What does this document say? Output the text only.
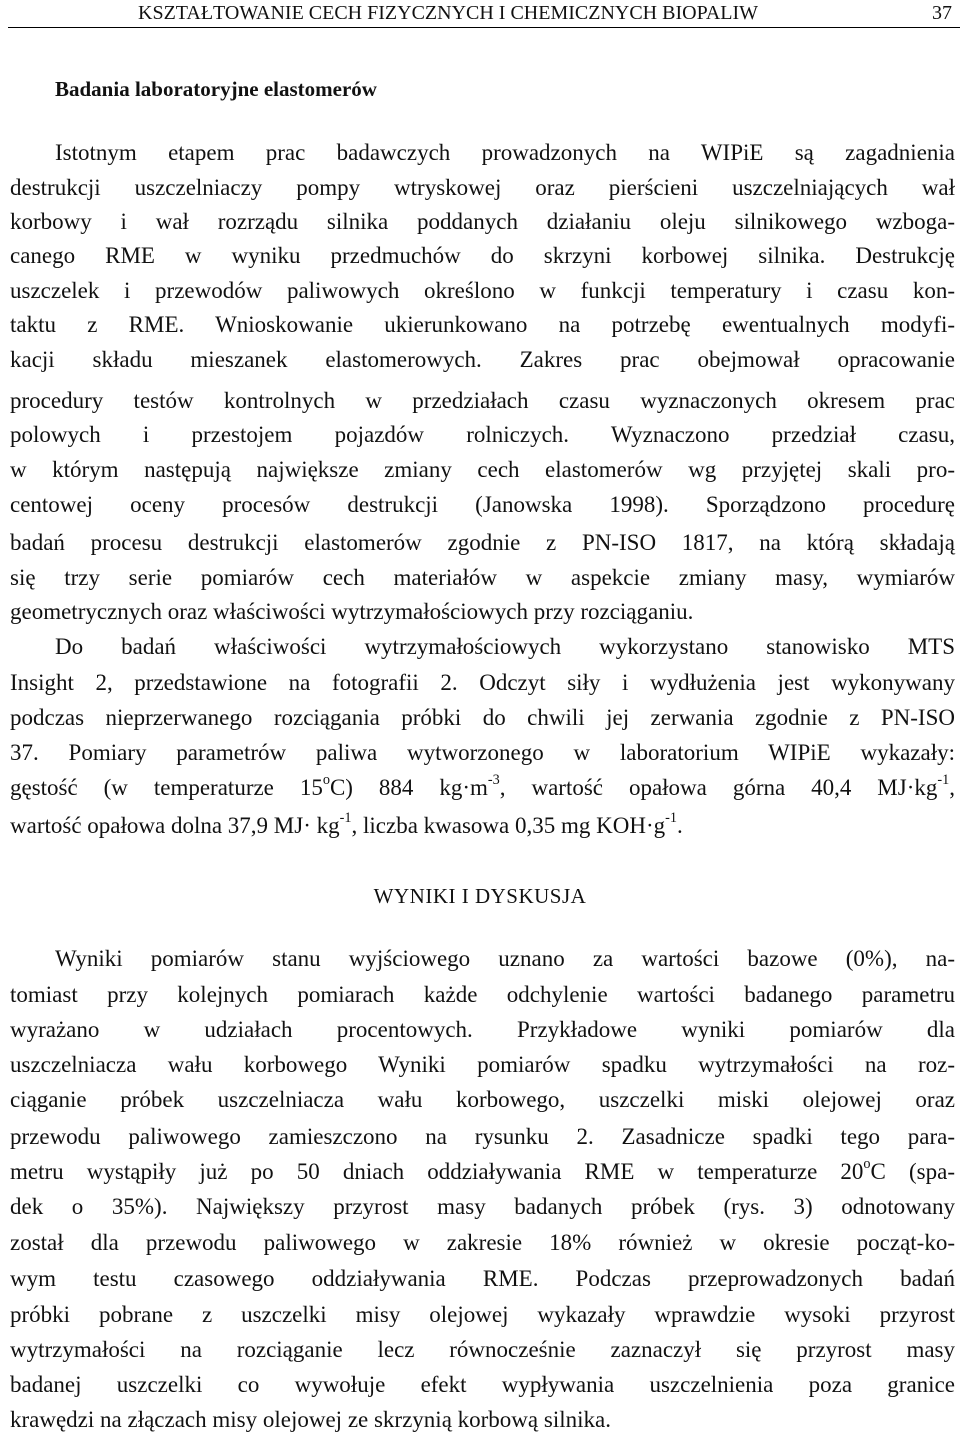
KSZTAŁTOWANIE CECH FIZYCZNYCH I CHEMICZNYCH BIOPALIW	37
Badania laboratoryjne elastomerów
Istotnym etapem prac badawczych prowadzonych na WIPiE są zagadnienia
destrukcji uszczelniaczy pompy wtryskowej oraz pierścieni uszczelniających wał
korbowy i wał rozrządu silnika poddanych działaniu oleju silnikowego wzboga-
canego RME w wyniku przedmuchów do skrzyni korbowej silnika. Destrukcję
uszczelek i przewodów paliwowych określono w funkcji temperatury i czasu kon-
taktu z RME. Wnioskowanie ukierunkowano na potrzebę ewentualnych modyfi-
kacji składu mieszanek elastomerowych. Zakres prac obejmował opracowanie
procedury testów kontrolnych w przedziałach czasu wyznaczonych okresem prac
polowych i przestojem pojazdów rolniczych. Wyznaczono przedział czasu,
w którym następują największe zmiany cech elastomerów wg przyjętej skali pro-
centowej oceny procesów destrukcji (Janowska 1998). Sporządzono procedurę
badań procesu destrukcji elastomerów zgodnie z PN-ISO 1817, na którą składają
się trzy serie pomiarów cech materiałów w aspekcie zmiany masy, wymiarów
geometrycznych oraz właściwości wytrzymałościowych przy rozciąganiu.
Do badań właściwości wytrzymałościowych wykorzystano stanowisko MTS
Insight 2, przedstawione na fotografii 2. Odczyt siły i wydłużenia jest wykonywany
podczas nieprzerwanego rozciągania próbki do chwili jej zerwania zgodnie z PN-ISO
37. Pomiary parametrów paliwa wytworzonego w laboratorium WIPiE wykazały:
gęstość (w temperaturze 15$^o$C) 884 $kg\cdot m^{-3}$, wartość opałowa górna 40,4 $MJ\cdot kg^{-1}$,
wartość opałowa dolna 37,9 $MJ\cdot kg^{-1}$, liczba kwasowa 0,35 mg $KOH\cdot g^{-1}$.
WYNIKI I DYSKUSJA
Wyniki pomiarów stanu wyjściowego uznano za wartości bazowe (0%), na-
tomiast przy kolejnych pomiarach każde odchylenie wartości badanego parametru
wyrażano w udziałach procentowych. Przykładowe wyniki pomiarów dla
uszczelniacza wału korbowego Wyniki pomiarów spadku wytrzymałości na roz-
ciąganie próbek uszczelniacza wału korbowego, uszczelki miski olejowej oraz
przewodu paliwowego zamieszczono na rysunku 2. Zasadnicze spadki tego para-
metru wystąpiły już po 50 dniach oddziaływania RME w temperaturze 20$^o$C (spa-
dek o 35%). Największy przyrost masy badanych próbek (rys. 3) odnotowany
został dla przewodu paliwowego w zakresie 18% również w okresie począt-ko-
wym testu czasowego oddziaływania RME. Podczas przeprowadzonych badań
próbki pobrane z uszczelki misy olejowej wykazały wprawdzie wysoki przyrost
wytrzymałości na rozciąganie lecz równocześnie zaznaczył się przyrost masy
badanej uszczelki co wywołuje efekt wypływania uszczelnienia poza granice
krawędzi na złączach misy olejowej ze skrzynią korbową silnika.
